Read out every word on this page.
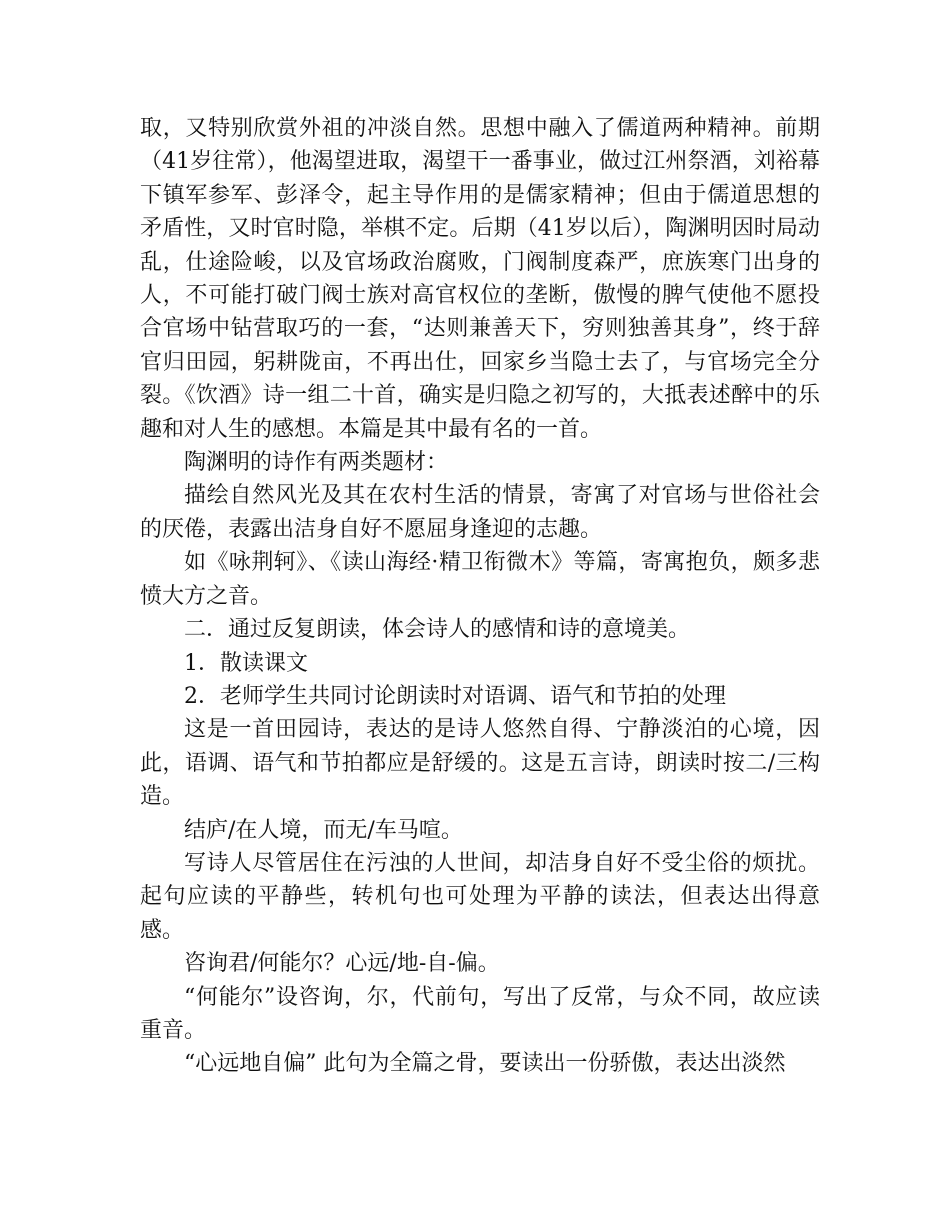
取，又特别欣赏外祖的冲淡自然。思想中融入了儒道两种精神。前期（41岁往常），他渴望进取，渴望干一番事业，做过江州祭酒，刘裕幕下镇军参军、彭泽令，起主导作用的是儒家精神；但由于儒道思想的矛盾性，又时官时隐，举棋不定。后期（41岁以后），陶渊明因时局动乱，仕途险峻，以及官场政治腐败，门阀制度森严，庶族寒门出身的人，不可能打破门阀士族对高官权位的垄断，傲慢的脾气使他不愿投合官场中钻营取巧的一套，“达则兼善天下，穷则独善其身”，终于辞官归田园，躬耕陇亩，不再出仕，回家乡当隐士去了，与官场完全分裂。《饮酒》诗一组二十首，确实是归隐之初写的，大抵表述醉中的乐趣和对人生的感想。本篇是其中最有名的一首。

陶渊明的诗作有两类题材：

描绘自然风光及其在农村生活的情景，寄寓了对官场与世俗社会的厌倦，表露出洁身自好不愿屈身逢迎的志趣。

如《咏荆轲》、《读山海经·精卫衔微木》等篇，寄寓抱负，颇多悲愤大方之音。

二．通过反复朗读，体会诗人的感情和诗的意境美。

1．散读课文

2．老师学生共同讨论朗读时对语调、语气和节拍的处理

这是一首田园诗，表达的是诗人悠然自得、宁静淡泊的心境，因此，语调、语气和节拍都应是舒缓的。这是五言诗，朗读时按二/三构造。

结庐/在人境，而无/车马喧。

写诗人尽管居住在污浊的人世间，却洁身自好不受尘俗的烦扰。起句应读的平静些，转机句也可处理为平静的读法，但表达出得意感。

咨询君/何能尔？心远/地-自-偏。

“何能尔”设咨询，尔，代前句，写出了反常，与众不同，故应读重音。

“心远地自偏” 此句为全篇之骨，要读出一份骄傲，表达出淡然
